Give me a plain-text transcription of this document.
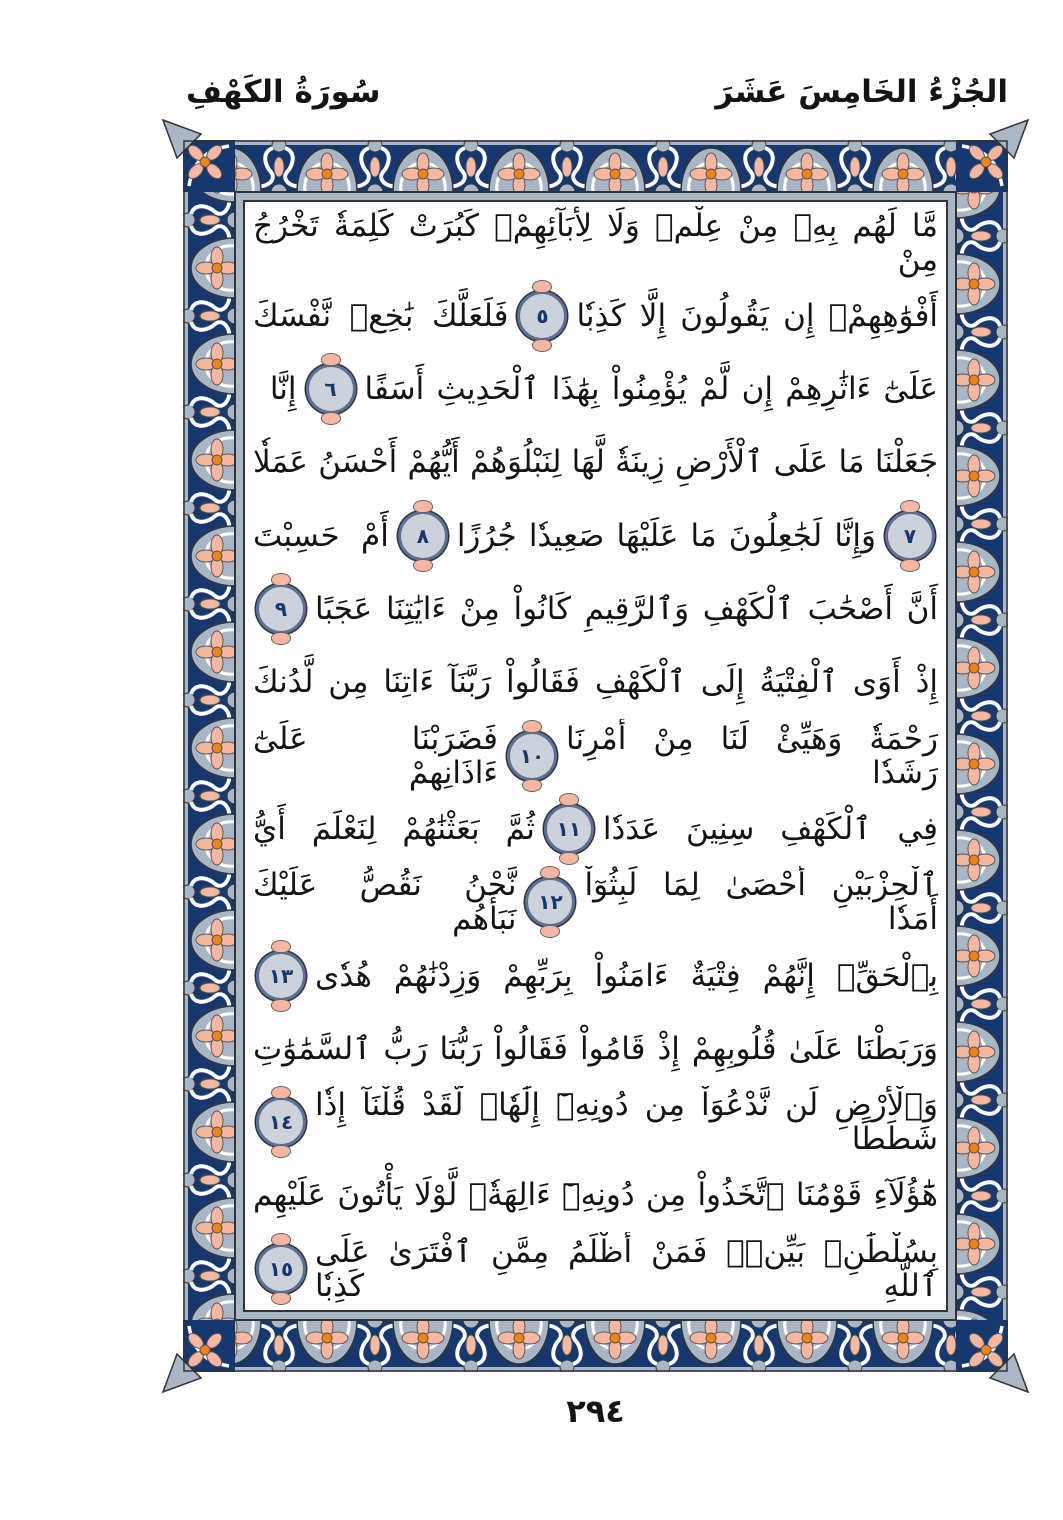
الجُزْءُ الخَامِسَ عَشَرَ
سُورَةُ الكَهْفِ
مَّا لَهُم بِهِۦ مِنْ عِلْمٖ وَلَا لِأٓبَآئِهِمْۚ كَبُرَتْ كَلِمَةٗ تَخْرُجُ مِنْ
أَفْوَٰهِهِمْۚ إِن يَقُولُونَ إِلَّا كَذِبٗا
٥
فَلَعَلَّكَ بَٰخِعٞ نَّفْسَكَ
عَلَىٰٓ ءَاثَٰرِهِمْ إِن لَّمْ يُؤْمِنُواْ بِهَٰذَا ٱلْحَدِيثِ أَسَفًا
٦
إِنَّا
جَعَلْنَا مَا عَلَى ٱلْأَرْضِ زِينَةٗ لَّهَا لِنَبْلُوَهُمْ أَيُّهُمْ أَحْسَنُ عَمَلٗا
٧
وَإِنَّا لَجَٰعِلُونَ مَا عَلَيْهَا صَعِيدٗا جُرُزًا
٨
أَمْ حَسِبْتَ
أَنَّ أَصْحَٰبَ ٱلْكَهْفِ وَٱلرَّقِيمِ كَانُواْ مِنْ ءَايَٰتِنَا عَجَبًا
٩
إِذْ أَوَى ٱلْفِتْيَةُ إِلَى ٱلْكَهْفِ فَقَالُواْ رَبَّنَآ ءَاتِنَا مِن لَّدُنكَ
رَحْمَةٗ وَهَيِّئْ لَنَا مِنْ أَمْرِنَا رَشَدٗا
١٠
فَضَرَبْنَا عَلَىٰٓ ءَاذَانِهِمْ
فِي ٱلْكَهْفِ سِنِينَ عَدَدٗا
١١
ثُمَّ بَعَثْنَٰهُمْ لِنَعْلَمَ أَيُّ
ٱلْحِزْبَيْنِ أَحْصَىٰ لِمَا لَبِثُوٓاْ أَمَدٗا
١٢
نَّحْنُ نَقُصُّ عَلَيْكَ نَبَأَهُم
بِٱلْحَقِّۚ إِنَّهُمْ فِتْيَةٌ ءَامَنُواْ بِرَبِّهِمْ وَزِدْنَٰهُمْ هُدٗى
١٣
وَرَبَطْنَا عَلَىٰ قُلُوبِهِمْ إِذْ قَامُواْ فَقَالُواْ رَبُّنَا رَبُّ ٱلسَّمَٰوَٰتِ
وَٱلْأَرْضِ لَن نَّدْعُوَاْ مِن دُونِهِۦٓ إِلَٰهٗاۖ لَّقَدْ قُلْنَآ إِذٗا شَطَطًا
١٤
هَٰٓؤُلَآءِ قَوْمُنَا ٱتَّخَذُواْ مِن دُونِهِۦٓ ءَالِهَةٗۖ لَّوْلَا يَأْتُونَ عَلَيْهِم
بِسُلْطَٰنِۭ بَيِّنٖۖ فَمَنْ أَظْلَمُ مِمَّنِ ٱفْتَرَىٰ عَلَى ٱللَّهِ كَذِبٗا
١٥
٢٩٤
